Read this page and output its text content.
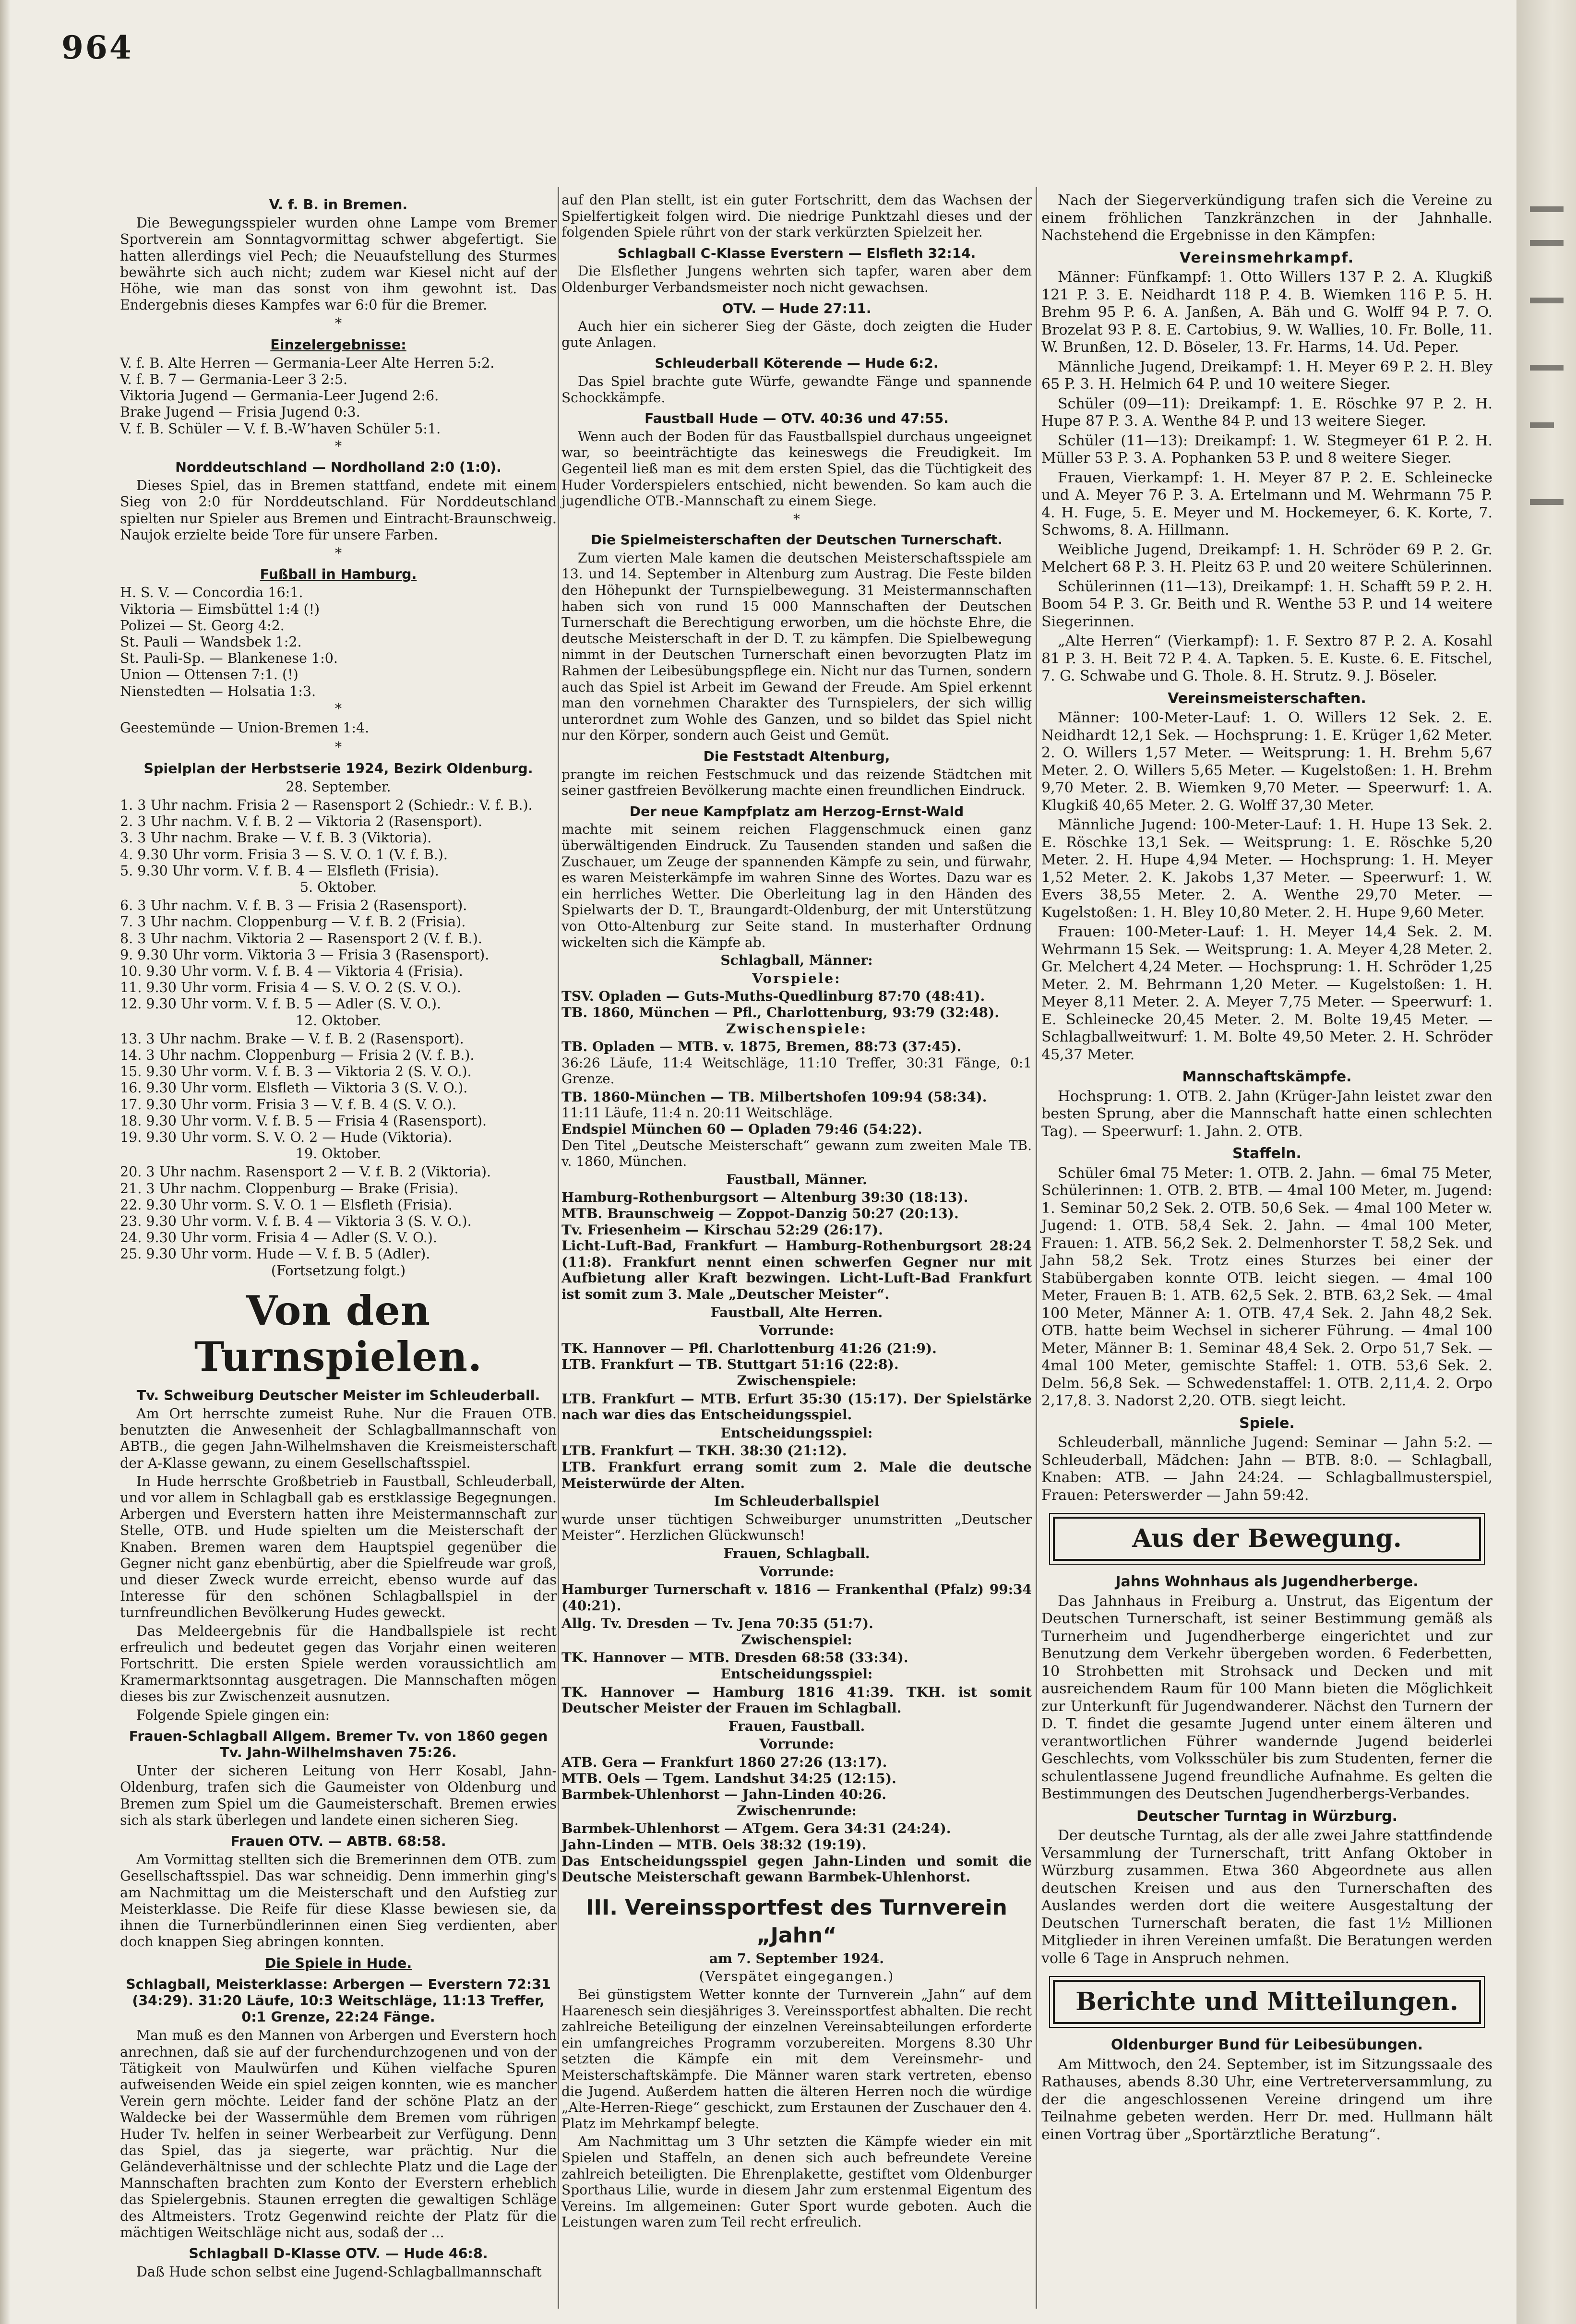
964
V. f. B. in Bremen.

Die Bewegungsspieler wurden ohne Lampe vom Bremer Sportverein am Sonntagvormittag schwer abgefertigt. Sie hatten allerdings viel Pech; die Neuaufstellung des Sturmes bewährte sich auch nicht; zudem war Kiesel nicht auf der Höhe, wie man das sonst von ihm gewohnt ist. Das Endergebnis dieses Kampfes war 6:0 für die Bremer.

*
Einzelergebnisse:
V. f. B. Alte Herren — Germania-Leer Alte Herren 5:2.
V. f. B. 7 — Germania-Leer 3 2:5.
Viktoria Jugend — Germania-Leer Jugend 2:6.
Brake Jugend — Frisia Jugend 0:3.
V. f. B. Schüler — V. f. B.-Wʼhaven Schüler 5:1.
*
Norddeutschland — Nordholland 2:0 (1:0).

Dieses Spiel, das in Bremen stattfand, endete mit einem Sieg von 2:0 für Norddeutschland. Für Norddeutschland spielten nur Spieler aus Bremen und Eintracht-Braunschweig. Naujok erzielte beide Tore für unsere Farben.

*
Fußball in Hamburg.
H. S. V. — Concordia 16:1.
Viktoria — Eimsbüttel 1:4 (!)
Polizei — St. Georg 4:2.
St. Pauli — Wandsbek 1:2.
St. Pauli-Sp. — Blankenese 1:0.
Union — Ottensen 7:1. (!)
Nienstedten — Holsatia 1:3.
*
Geestemünde — Union-Bremen 1:4.
*
Spielplan der Herbstserie 1924, Bezirk Oldenburg.
28. September.
1. 3 Uhr nachm. Frisia 2 — Rasensport 2 (Schiedr.: V. f. B.).
2. 3 Uhr nachm. V. f. B. 2 — Viktoria 2 (Rasensport).
3. 3 Uhr nachm. Brake — V. f. B. 3 (Viktoria).
4. 9.30 Uhr vorm. Frisia 3 — S. V. O. 1 (V. f. B.).
5. 9.30 Uhr vorm. V. f. B. 4 — Elsfleth (Frisia).
5. Oktober.
6. 3 Uhr nachm. V. f. B. 3 — Frisia 2 (Rasensport).
7. 3 Uhr nachm. Cloppenburg — V. f. B. 2 (Frisia).
8. 3 Uhr nachm. Viktoria 2 — Rasensport 2 (V. f. B.).
9. 9.30 Uhr vorm. Viktoria 3 — Frisia 3 (Rasensport).
10. 9.30 Uhr vorm. V. f. B. 4 — Viktoria 4 (Frisia).
11. 9.30 Uhr vorm. Frisia 4 — S. V. O. 2 (S. V. O.).
12. 9.30 Uhr vorm. V. f. B. 5 — Adler (S. V. O.).
12. Oktober.
13. 3 Uhr nachm. Brake — V. f. B. 2 (Rasensport).
14. 3 Uhr nachm. Cloppenburg — Frisia 2 (V. f. B.).
15. 9.30 Uhr vorm. V. f. B. 3 — Viktoria 2 (S. V. O.).
16. 9.30 Uhr vorm. Elsfleth — Viktoria 3 (S. V. O.).
17. 9.30 Uhr vorm. Frisia 3 — V. f. B. 4 (S. V. O.).
18. 9.30 Uhr vorm. V. f. B. 5 — Frisia 4 (Rasensport).
19. 9.30 Uhr vorm. S. V. O. 2 — Hude (Viktoria).
19. Oktober.
20. 3 Uhr nachm. Rasensport 2 — V. f. B. 2 (Viktoria).
21. 3 Uhr nachm. Cloppenburg — Brake (Frisia).
22. 9.30 Uhr vorm. S. V. O. 1 — Elsfleth (Frisia).
23. 9.30 Uhr vorm. V. f. B. 4 — Viktoria 3 (S. V. O.).
24. 9.30 Uhr vorm. Frisia 4 — Adler (S. V. O.).
25. 9.30 Uhr vorm. Hude — V. f. B. 5 (Adler).
(Fortsetzung folgt.)
Von den Turnspielen.
Tv. Schweiburg Deutscher Meister im Schleuderball.

Am Ort herrschte zumeist Ruhe. Nur die Frauen OTB. benutzten die Anwesenheit der Schlagballmannschaft von ABTB., die gegen Jahn-Wilhelmshaven die Kreismeisterschaft der A-Klasse gewann, zu einem Gesellschaftsspiel.

In Hude herrschte Großbetrieb in Faustball, Schleuderball, und vor allem in Schlagball gab es erstklassige Begegnungen. Arbergen und Everstern hatten ihre Meistermannschaft zur Stelle, OTB. und Hude spielten um die Meisterschaft der Knaben. Bremen waren dem Hauptspiel gegenüber die Gegner nicht ganz ebenbürtig, aber die Spielfreude war groß, und dieser Zweck wurde erreicht, ebenso wurde auf das Interesse für den schönen Schlagballspiel in der turnfreundlichen Bevölkerung Hudes geweckt.

Das Meldeergebnis für die Handballspiele ist recht erfreulich und bedeutet gegen das Vorjahr einen weiteren Fortschritt. Die ersten Spiele werden voraussichtlich am Kramermarktsonntag ausgetragen. Die Mannschaften mögen dieses bis zur Zwischenzeit ausnutzen.

Folgende Spiele gingen ein:

Frauen-Schlagball Allgem. Bremer Tv. von 1860 gegen Tv. Jahn-Wilhelmshaven 75:26.

Unter der sicheren Leitung von Herr Kosabl, Jahn-Oldenburg, trafen sich die Gaumeister von Oldenburg und Bremen zum Spiel um die Gaumeisterschaft. Bremen erwies sich als stark überlegen und landete einen sicheren Sieg.

Frauen OTV. — ABTB. 68:58.

Am Vormittag stellten sich die Bremerinnen dem OTB. zum Gesellschaftsspiel. Das war schneidig. Denn immerhin ging's am Nachmittag um die Meisterschaft und den Aufstieg zur Meisterklasse. Die Reife für diese Klasse bewiesen sie, da ihnen die Turnerbündlerinnen einen Sieg verdienten, aber doch knappen Sieg abringen konnten.

Die Spiele in Hude.
Schlagball, Meisterklasse: Arbergen — Everstern 72:31 (34:29). 31:20 Läufe, 10:3 Weitschläge, 11:13 Treffer, 0:1 Grenze, 22:24 Fänge.

Man muß es den Mannen von Arbergen und Everstern hoch anrechnen, daß sie auf der furchendurchzogenen und von der Tätigkeit von Maulwürfen und Kühen vielfache Spuren aufweisenden Weide ein spiel zeigen konnten, wie es mancher Verein gern möchte. Leider fand der schöne Platz an der Waldecke bei der Wassermühle dem Bremen vom rührigen Huder Tv. helfen in seiner Werbearbeit zur Verfügung. Denn das Spiel, das ja siegerte, war prächtig. Nur die Geländeverhältnisse und der schlechte Platz und die Lage der Mannschaften brachten zum Konto der Everstern erheblich das Spielergebnis. Staunen erregten die gewaltigen Schläge des Altmeisters. Trotz Gegenwind reichte der Platz für die mächtigen Weitschläge nicht aus, sodaß der ...

Schlagball D-Klasse OTV. — Hude 46:8.

Daß Hude schon selbst eine Jugend-Schlagballmannschaft

auf den Plan stellt, ist ein guter Fortschritt, dem das Wachsen der Spielfertigkeit folgen wird. Die niedrige Punktzahl dieses und der folgenden Spiele rührt von der stark verkürzten Spielzeit her.

Schlagball C-Klasse Everstern — Elsfleth 32:14.

Die Elsflether Jungens wehrten sich tapfer, waren aber dem Oldenburger Verbandsmeister noch nicht gewachsen.

OTV. — Hude 27:11.

Auch hier ein sicherer Sieg der Gäste, doch zeigten die Huder gute Anlagen.

Schleuderball Köterende — Hude 6:2.

Das Spiel brachte gute Würfe, gewandte Fänge und spannende Schockkämpfe.

Faustball Hude — OTV. 40:36 und 47:55.

Wenn auch der Boden für das Faustballspiel durchaus ungeeignet war, so beeinträchtigte das keineswegs die Freudigkeit. Im Gegenteil ließ man es mit dem ersten Spiel, das die Tüchtigkeit des Huder Vorderspielers entschied, nicht bewenden. So kam auch die jugendliche OTB.-Mannschaft zu einem Siege.

*
Die Spielmeisterschaften der Deutschen Turnerschaft.

Zum vierten Male kamen die deutschen Meisterschaftsspiele am 13. und 14. September in Altenburg zum Austrag. Die Feste bilden den Höhepunkt der Turnspielbewegung. 31 Meistermannschaften haben sich von rund 15 000 Mannschaften der Deutschen Turnerschaft die Berechtigung erworben, um die höchste Ehre, die deutsche Meisterschaft in der D. T. zu kämpfen. Die Spielbewegung nimmt in der Deutschen Turnerschaft einen bevorzugten Platz im Rahmen der Leibesübungspflege ein. Nicht nur das Turnen, sondern auch das Spiel ist Arbeit im Gewand der Freude. Am Spiel erkennt man den vornehmen Charakter des Turnspielers, der sich willig unterordnet zum Wohle des Ganzen, und so bildet das Spiel nicht nur den Körper, sondern auch Geist und Gemüt.

Die Feststadt Altenburg,

prangte im reichen Festschmuck und das reizende Städtchen mit seiner gastfreien Bevölkerung machte einen freundlichen Eindruck.

Der neue Kampfplatz am Herzog-Ernst-Wald

machte mit seinem reichen Flaggenschmuck einen ganz überwältigenden Eindruck. Zu Tausenden standen und saßen die Zuschauer, um Zeuge der spannenden Kämpfe zu sein, und fürwahr, es waren Meisterkämpfe im wahren Sinne des Wortes. Dazu war es ein herrliches Wetter. Die Oberleitung lag in den Händen des Spielwarts der D. T., Braungardt-Oldenburg, der mit Unterstützung von Otto-Altenburg zur Seite stand. In musterhafter Ordnung wickelten sich die Kämpfe ab.

Schlagball, Männer:
Vorspiele:
TSV. Opladen — Guts-Muths-Quedlinburg 87:70 (48:41).
TB. 1860, München — Pfl., Charlottenburg, 93:79 (32:48).
Zwischenspiele:
TB. Opladen — MTB. v. 1875, Bremen, 88:73 (37:45).

36:26 Läufe, 11:4 Weitschläge, 11:10 Treffer, 30:31 Fänge, 0:1 Grenze.

TB. 1860-München — TB. Milbertshofen 109:94 (58:34).
11:11 Läufe, 11:4 n. 20:11 Weitschläge.
Endspiel München 60 — Opladen 79:46 (54:22).

Den Titel „Deutsche Meisterschaft“ gewann zum zweiten Male TB. v. 1860, München.

Faustball, Männer.
Hamburg-Rothenburgsort — Altenburg 39:30 (18:13).
MTB. Braunschweig — Zoppot-Danzig 50:27 (20:13).
Tv. Friesenheim — Kirschau 52:29 (26:17).

Licht-Luft-Bad, Frankfurt — Hamburg-Rothenburgsort 28:24 (11:8). Frankfurt nennt einen schwerfen Gegner nur mit Aufbietung aller Kraft bezwingen. Licht-Luft-Bad Frankfurt ist somit zum 3. Male „Deutscher Meister“.

Faustball, Alte Herren.
Vorrunde:
TK. Hannover — Pfl. Charlottenburg 41:26 (21:9).
LTB. Frankfurt — TB. Stuttgart 51:16 (22:8).
Zwischenspiele:

LTB. Frankfurt — MTB. Erfurt 35:30 (15:17). Der Spielstärke nach war dies das Entscheidungsspiel.

Entscheidungsspiel:
LTB. Frankfurt — TKH. 38:30 (21:12).

LTB. Frankfurt errang somit zum 2. Male die deutsche Meisterwürde der Alten.

Im Schleuderballspiel

wurde unser tüchtigen Schweiburger unumstritten „Deutscher Meister“. Herzlichen Glückwunsch!

Frauen, Schlagball.
Vorrunde:

Hamburger Turnerschaft v. 1816 — Frankenthal (Pfalz) 99:34 (40:21).

Allg. Tv. Dresden — Tv. Jena 70:35 (51:7).
Zwischenspiel:
TK. Hannover — MTB. Dresden 68:58 (33:34).
Entscheidungsspiel:

TK. Hannover — Hamburg 1816 41:39. TKH. ist somit Deutscher Meister der Frauen im Schlagball.

Frauen, Faustball.
Vorrunde:
ATB. Gera — Frankfurt 1860 27:26 (13:17).
MTB. Oels — Tgem. Landshut 34:25 (12:15).
Barmbek-Uhlenhorst — Jahn-Linden 40:26.
Zwischenrunde:
Barmbek-Uhlenhorst — ATgem. Gera 34:31 (24:24).
Jahn-Linden — MTB. Oels 38:32 (19:19).

Das Entscheidungsspiel gegen Jahn-Linden und somit die Deutsche Meisterschaft gewann Barmbek-Uhlenhorst.

III. Vereinssportfest des Turnverein „Jahn“
am 7. September 1924.
(Verspätet eingegangen.)

Bei günstigstem Wetter konnte der Turnverein „Jahn“ auf dem Haarenesch sein diesjähriges 3. Vereinssportfest abhalten. Die recht zahlreiche Beteiligung der einzelnen Vereinsabteilungen erforderte ein umfangreiches Programm vorzubereiten. Morgens 8.30 Uhr setzten die Kämpfe ein mit dem Vereinsmehr- und Meisterschaftskämpfe. Die Männer waren stark vertreten, ebenso die Jugend. Außerdem hatten die älteren Herren noch die würdige „Alte-Herren-Riege“ geschickt, zum Erstaunen der Zuschauer den 4. Platz im Mehrkampf belegte.

Am Nachmittag um 3 Uhr setzten die Kämpfe wieder ein mit Spielen und Staffeln, an denen sich auch befreundete Vereine zahlreich beteiligten. Die Ehrenplakette, gestiftet vom Oldenburger Sporthaus Lilie, wurde in diesem Jahr zum erstenmal Eigentum des Vereins. Im allgemeinen: Guter Sport wurde geboten. Auch die Leistungen waren zum Teil recht erfreulich.

Nach der Siegerverkündigung trafen sich die Vereine zu einem fröhlichen Tanzkränzchen in der Jahnhalle. Nachstehend die Ergebnisse in den Kämpfen:

Vereinsmehrkampf.

Männer: Fünfkampf: 1. Otto Willers 137 P. 2. A. Klugkiß 121 P. 3. E. Neidhardt 118 P. 4. B. Wiemken 116 P. 5. H. Brehm 95 P. 6. A. Janßen, A. Bäh und G. Wolff 94 P. 7. O. Brozelat 93 P. 8. E. Cartobius, 9. W. Wallies, 10. Fr. Bolle, 11. W. Brunßen, 12. D. Böseler, 13. Fr. Harms, 14. Ud. Peper.

Männliche Jugend, Dreikampf: 1. H. Meyer 69 P. 2. H. Bley 65 P. 3. H. Helmich 64 P. und 10 weitere Sieger.

Schüler (09—11): Dreikampf: 1. E. Röschke 97 P. 2. H. Hupe 87 P. 3. A. Wenthe 84 P. und 13 weitere Sieger.

Schüler (11—13): Dreikampf: 1. W. Stegmeyer 61 P. 2. H. Müller 53 P. 3. A. Pophanken 53 P. und 8 weitere Sieger.

Frauen, Vierkampf: 1. H. Meyer 87 P. 2. E. Schleinecke und A. Meyer 76 P. 3. A. Ertelmann und M. Wehrmann 75 P. 4. H. Fuge, 5. E. Meyer und M. Hockemeyer, 6. K. Korte, 7. Schwoms, 8. A. Hillmann.

Weibliche Jugend, Dreikampf: 1. H. Schröder 69 P. 2. Gr. Melchert 68 P. 3. H. Pleitz 63 P. und 20 weitere Schülerinnen.

Schülerinnen (11—13), Dreikampf: 1. H. Schafft 59 P. 2. H. Boom 54 P. 3. Gr. Beith und R. Wenthe 53 P. und 14 weitere Siegerinnen.

„Alte Herren“ (Vierkampf): 1. F. Sextro 87 P. 2. A. Kosahl 81 P. 3. H. Beit 72 P. 4. A. Tapken. 5. E. Kuste. 6. E. Fitschel, 7. G. Schwabe und G. Thole. 8. H. Strutz. 9. J. Böseler.

Vereinsmeisterschaften.

Männer: 100-Meter-Lauf: 1. O. Willers 12 Sek. 2. E. Neidhardt 12,1 Sek. — Hochsprung: 1. E. Krüger 1,62 Meter. 2. O. Willers 1,57 Meter. — Weitsprung: 1. H. Brehm 5,67 Meter. 2. O. Willers 5,65 Meter. — Kugelstoßen: 1. H. Brehm 9,70 Meter. 2. B. Wiemken 9,70 Meter. — Speerwurf: 1. A. Klugkiß 40,65 Meter. 2. G. Wolff 37,30 Meter.

Männliche Jugend: 100-Meter-Lauf: 1. H. Hupe 13 Sek. 2. E. Röschke 13,1 Sek. — Weitsprung: 1. E. Röschke 5,20 Meter. 2. H. Hupe 4,94 Meter. — Hochsprung: 1. H. Meyer 1,52 Meter. 2. K. Jakobs 1,37 Meter. — Speerwurf: 1. W. Evers 38,55 Meter. 2. A. Wenthe 29,70 Meter. — Kugelstoßen: 1. H. Bley 10,80 Meter. 2. H. Hupe 9,60 Meter.

Frauen: 100-Meter-Lauf: 1. H. Meyer 14,4 Sek. 2. M. Wehrmann 15 Sek. — Weitsprung: 1. A. Meyer 4,28 Meter. 2. Gr. Melchert 4,24 Meter. — Hochsprung: 1. H. Schröder 1,25 Meter. 2. M. Behrmann 1,20 Meter. — Kugelstoßen: 1. H. Meyer 8,11 Meter. 2. A. Meyer 7,75 Meter. — Speerwurf: 1. E. Schleinecke 20,45 Meter. 2. M. Bolte 19,45 Meter. — Schlagballweitwurf: 1. M. Bolte 49,50 Meter. 2. H. Schröder 45,37 Meter.

Mannschaftskämpfe.

Hochsprung: 1. OTB. 2. Jahn (Krüger-Jahn leistet zwar den besten Sprung, aber die Mannschaft hatte einen schlechten Tag). — Speerwurf: 1. Jahn. 2. OTB.

Staffeln.

Schüler 6mal 75 Meter: 1. OTB. 2. Jahn. — 6mal 75 Meter, Schülerinnen: 1. OTB. 2. BTB. — 4mal 100 Meter, m. Jugend: 1. Seminar 50,2 Sek. 2. OTB. 50,6 Sek. — 4mal 100 Meter w. Jugend: 1. OTB. 58,4 Sek. 2. Jahn. — 4mal 100 Meter, Frauen: 1. ATB. 56,2 Sek. 2. Delmenhorster T. 58,2 Sek. und Jahn 58,2 Sek. Trotz eines Sturzes bei einer der Stabübergaben konnte OTB. leicht siegen. — 4mal 100 Meter, Frauen B: 1. ATB. 62,5 Sek. 2. BTB. 63,2 Sek. — 4mal 100 Meter, Männer A: 1. OTB. 47,4 Sek. 2. Jahn 48,2 Sek. OTB. hatte beim Wechsel in sicherer Führung. — 4mal 100 Meter, Männer B: 1. Seminar 48,4 Sek. 2. Orpo 51,7 Sek. — 4mal 100 Meter, gemischte Staffel: 1. OTB. 53,6 Sek. 2. Delm. 56,8 Sek. — Schwedenstaffel: 1. OTB. 2,11,4. 2. Orpo 2,17,8. 3. Nadorst 2,20. OTB. siegt leicht.

Spiele.

Schleuderball, männliche Jugend: Seminar — Jahn 5:2. — Schleuderball, Mädchen: Jahn — BTB. 8:0. — Schlagball, Knaben: ATB. — Jahn 24:24. — Schlagballmusterspiel, Frauen: Peterswerder — Jahn 59:42.

Aus der Bewegung.
Jahns Wohnhaus als Jugendherberge.

Das Jahnhaus in Freiburg a. Unstrut, das Eigentum der Deutschen Turnerschaft, ist seiner Bestimmung gemäß als Turnerheim und Jugendherberge eingerichtet und zur Benutzung dem Verkehr übergeben worden. 6 Federbetten, 10 Strohbetten mit Strohsack und Decken und mit ausreichendem Raum für 100 Mann bieten die Möglichkeit zur Unterkunft für Jugendwanderer. Nächst den Turnern der D. T. findet die gesamte Jugend unter einem älteren und verantwortlichen Führer wandernde Jugend beiderlei Geschlechts, vom Volksschüler bis zum Studenten, ferner die schulentlassene Jugend freundliche Aufnahme. Es gelten die Bestimmungen des Deutschen Jugendherbergs-Verbandes.

Deutscher Turntag in Würzburg.

Der deutsche Turntag, als der alle zwei Jahre stattfindende Versammlung der Turnerschaft, tritt Anfang Oktober in Würzburg zusammen. Etwa 360 Abgeordnete aus allen deutschen Kreisen und aus den Turnerschaften des Auslandes werden dort die weitere Ausgestaltung der Deutschen Turnerschaft beraten, die fast 1½ Millionen Mitglieder in ihren Vereinen umfaßt. Die Beratungen werden volle 6 Tage in Anspruch nehmen.

Berichte und Mitteilungen.
Oldenburger Bund für Leibesübungen.

Am Mittwoch, den 24. September, ist im Sitzungssaale des Rathauses, abends 8.30 Uhr, eine Vertreterversammlung, zu der die angeschlossenen Vereine dringend um ihre Teilnahme gebeten werden. Herr Dr. med. Hullmann hält einen Vortrag über „Sportärztliche Beratung“.
